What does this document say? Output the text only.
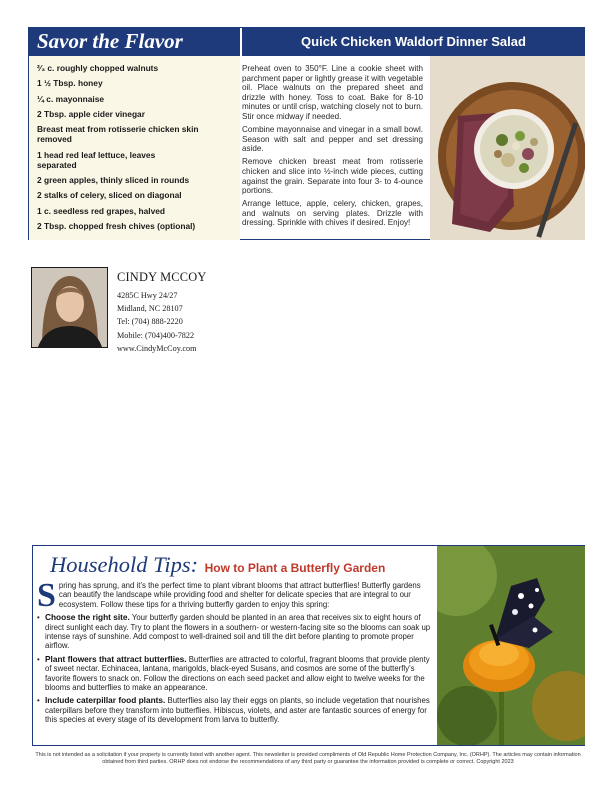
Savor the Flavor	Quick Chicken Waldorf Dinner Salad
²⁄₃ c. roughly chopped walnuts
1 ½ Tbsp. honey
¼ c. mayonnaise
2 Tbsp. apple cider vinegar
Breast meat from rotisserie chicken skin removed
1 head red leaf lettuce, leaves separated
2 green apples, thinly sliced in rounds
2 stalks of celery, sliced on diagonal
1 c. seedless red grapes, halved
2 Tbsp. chopped fresh chives (optional)

Preheat oven to 350°F. Line a cookie sheet with parchment paper or lightly grease it with vegetable oil. Place walnuts on the prepared sheet and drizzle with honey. Toss to coat. Bake for 8-10 minutes or until crisp, watching closely not to burn. Stir once midway if needed.

Combine mayonnaise and vinegar in a small bowl. Season with salt and pepper and set dressing aside.

Remove chicken breast meat from rotisserie chicken and slice into ½-inch wide pieces, cutting against the grain. Separate into four 3- to 4-ounce portions.

Arrange lettuce, apple, celery, chicken, grapes, and walnuts on serving plates. Drizzle with dressing. Sprinkle with chives if desired. Enjoy!

CINDY MCCOY
4285C Hwy 24/27
Midland, NC 28107
Tel: (704) 888-2220
Mobile: (704)400-7822
www.CindyMcCoy.com
Household Tips: How to Plant a Butterfly Garden
S pring has sprung, and it’s the perfect time to plant vibrant blooms that attract butterflies! Butterfly gardens can beautify the landscape while providing food and shelter for delicate species that are integral to our ecosystem. Follow these tips for a thriving butterfly garden to enjoy this spring:
• Choose the right site. Your butterfly garden should be planted in an area that receives six to eight hours of direct sunlight each day. Try to plant the flowers in a southern- or western-facing site so the blooms can soak up intense rays of sunshine. Add compost to well-drained soil and till the dirt before planting to promote proper airflow.
• Plant flowers that attract butterflies. Butterflies are attracted to colorful, fragrant blooms that provide plenty of sweet nectar. Echinacea, lantana, marigolds, black-eyed Susans, and cosmos are some of the butterfly’s favorite flowers to snack on. Follow the directions on each seed packet and allow eight to twelve weeks for the blooms and butterflies to make an appearance.
• Include caterpillar food plants. Butterflies also lay their eggs on plants, so include vegetation that nourishes caterpillars before they transform into butterflies. Hibiscus, violets, and aster are fantastic sources of energy for this species at every stage of its development from larva to butterfly.
This is not intended as a solicitation if your property is currently listed with another agent. This newsletter is provided compliments of Old Republic Home Protection Company, Inc. (ORHP). The articles may contain information obtained from third parties. ORHP does not endorse the recommendations of any third party or guarantee the information provided is complete or correct. Copyright 2023
